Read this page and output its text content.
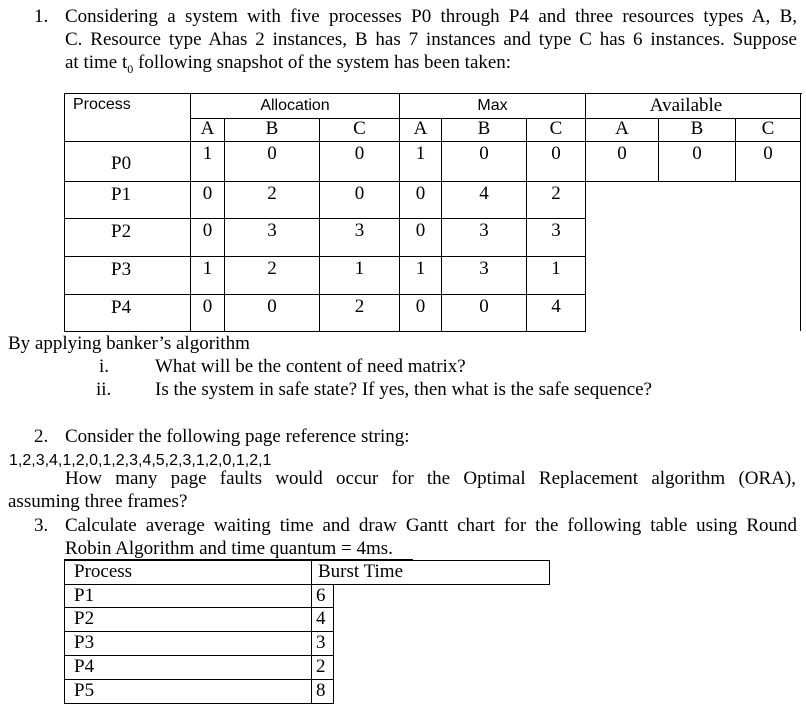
1. Considering a system with five processes P0 through P4 and three resources types A, B,
C. Resource type Ahas 2 instances, B has 7 instances and type C has 6 instances. Suppose
at time $t_0$ following snapshot of the system has been taken:
Process	Allocation	Max	Available
A	B	C	A	B	C	A	B	C
P0	1	0	0	1	0	0	0	0	0
P1	0	2	0	0	4	2
P2	0	3	3	0	3	3
P3	1	2	1	1	3	1
P4	0	0	2	0	0	4
By applying banker’s algorithm
i. What will be the content of need matrix?
ii. Is the system in safe state? If yes, then what is the safe sequence?
2. Consider the following page reference string:
1,2,3,4,1,2,0,1,2,3,4,5,2,3,1,2,0,1,2,1
How many page faults would occur for the Optimal Replacement algorithm (ORA),
assuming three frames?
3. Calculate average waiting time and draw Gantt chart for the following table using Round
Robin Algorithm and time quantum = 4ms.
Process	Burst Time
P1	6
P2	4
P3	3
P4	2
P5	8
